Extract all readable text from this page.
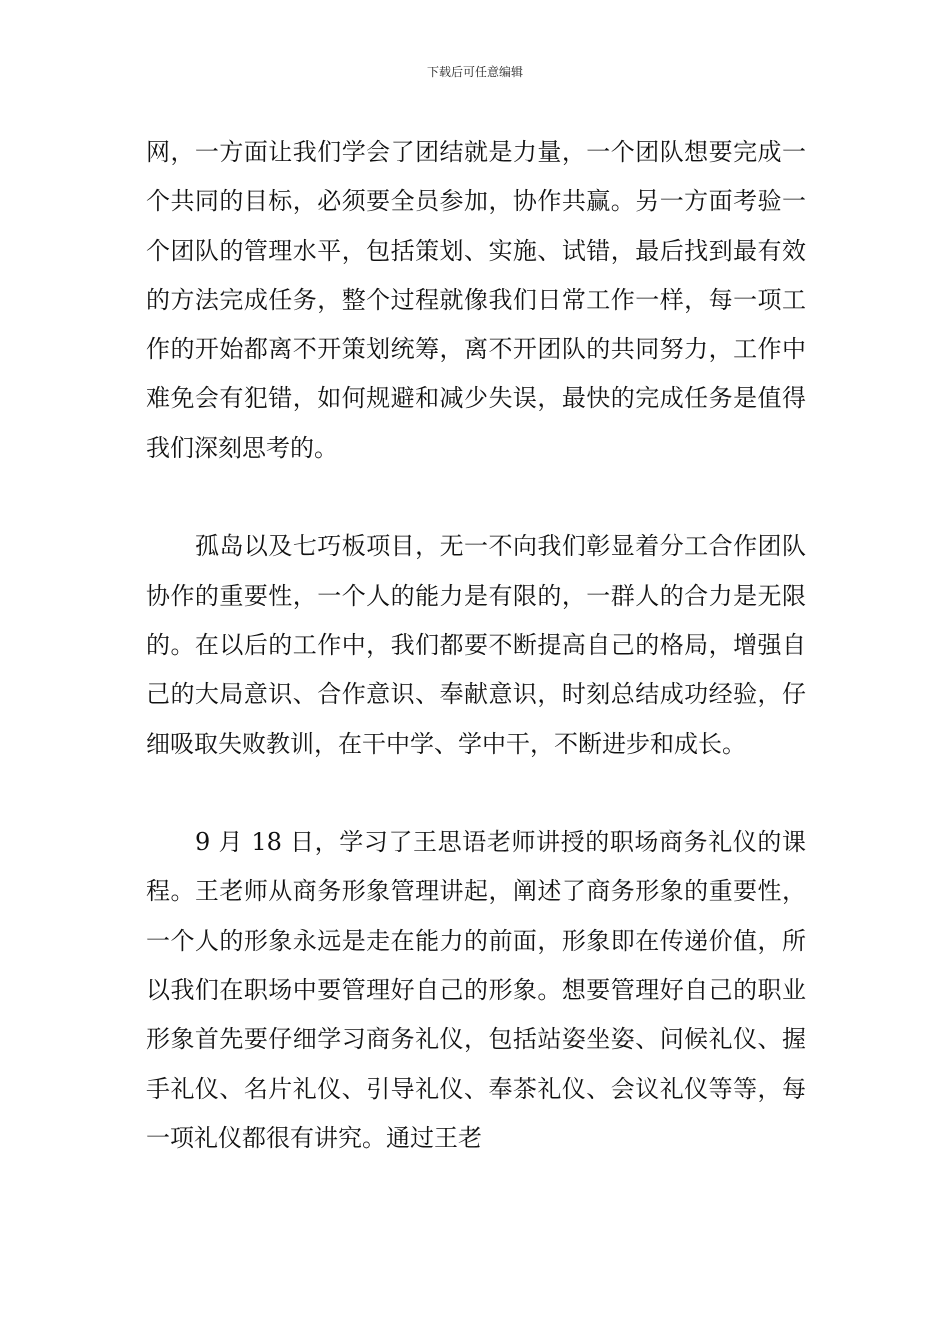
下载后可任意编辑

网，一方面让我们学会了团结就是力量，一个团队想要完成一个共同的目标，必须要全员参加，协作共赢。另一方面考验一个团队的管理水平，包括策划、实施、试错，最后找到最有效的方法完成任务，整个过程就像我们日常工作一样，每一项工作的开始都离不开策划统筹，离不开团队的共同努力，工作中难免会有犯错，如何规避和减少失误，最快的完成任务是值得我们深刻思考的。

孤岛以及七巧板项目，无一不向我们彰显着分工合作团队协作的重要性，一个人的能力是有限的，一群人的合力是无限的。在以后的工作中，我们都要不断提高自己的格局，增强自己的大局意识、合作意识、奉献意识，时刻总结成功经验，仔细吸取失败教训，在干中学、学中干，不断进步和成长。

9 月 18 日，学习了王思语老师讲授的职场商务礼仪的课程。王老师从商务形象管理讲起，阐述了商务形象的重要性，一个人的形象永远是走在能力的前面，形象即在传递价值，所以我们在职场中要管理好自己的形象。想要管理好自己的职业形象首先要仔细学习商务礼仪，包括站姿坐姿、问候礼仪、握手礼仪、名片礼仪、引导礼仪、奉茶礼仪、会议礼仪等等，每一项礼仪都很有讲究。通过王老
